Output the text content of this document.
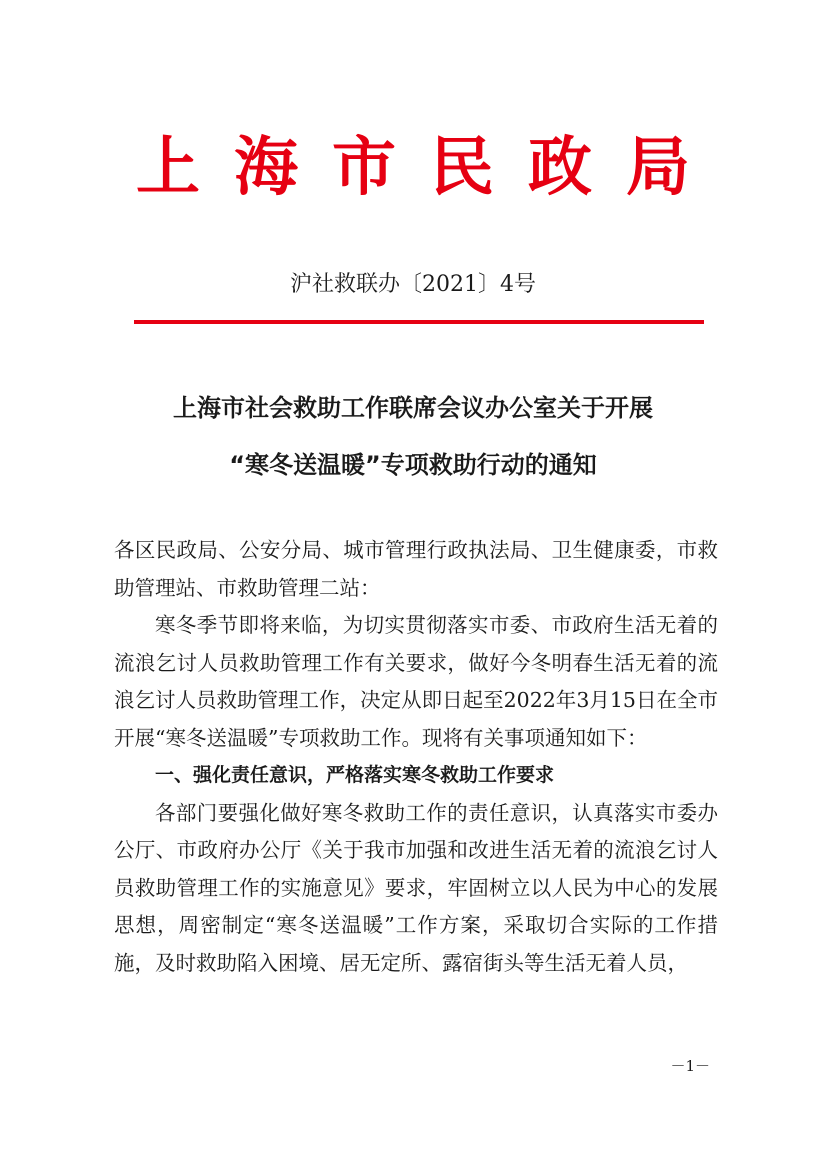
上海市民政局
沪社救联办〔2021〕4号
上海市社会救助工作联席会议办公室关于开展
“寒冬送温暖”专项救助行动的通知

各区民政局、公安分局、城市管理行政执法局、卫生健康委，市救助管理站、市救助管理二站：

寒冬季节即将来临，为切实贯彻落实市委、市政府生活无着的流浪乞讨人员救助管理工作有关要求，做好今冬明春生活无着的流浪乞讨人员救助管理工作，决定从即日起至2022年3月15日在全市开展“寒冬送温暖”专项救助工作。现将有关事项通知如下：

一、强化责任意识，严格落实寒冬救助工作要求

各部门要强化做好寒冬救助工作的责任意识，认真落实市委办公厅、市政府办公厅《关于我市加强和改进生活无着的流浪乞讨人员救助管理工作的实施意见》要求，牢固树立以人民为中心的发展思想，周密制定“寒冬送温暖”工作方案，采取切合实际的工作措施，及时救助陷入困境、居无定所、露宿街头等生活无着人员，

－1－
